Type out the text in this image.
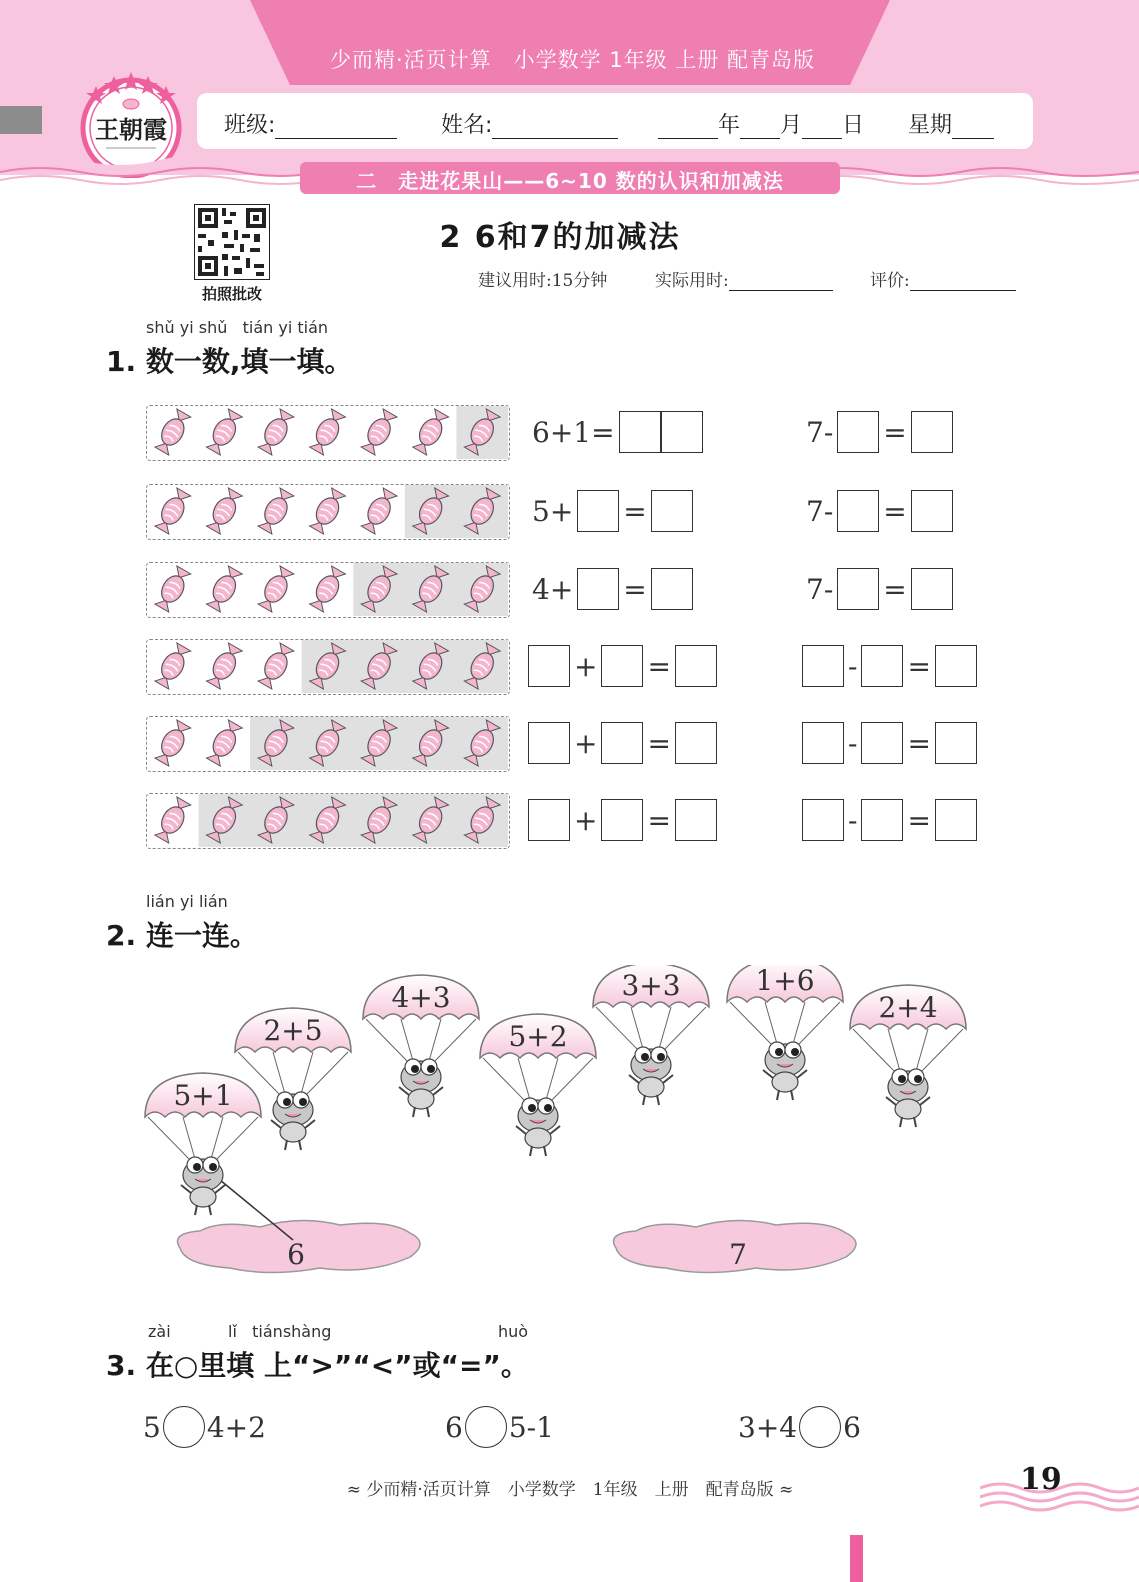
少而精·活页计算　小学数学 1年级 上册 配青岛版
王朝霞	班级:	姓名:	年 月 日 星期
二　走进花果山——6~10 数的认识和加减法
拍照批改
2 6和7的加减法
建议用时:15分钟	实际用时:	评价:
shǔ yi shǔ tián yi tián
1. 数一数,填一填。
6+1=	7- =
5+ =	7- =
4+ =	7- =
+ =	- =
+ =	- =
+ =	- =
lián yi lián
2. 连一连。
6	7
5+1
2+5
4+3
5+2
3+3	1+6
2+4
zài	lǐ tiánshàng	huò
3. 在○里填 上“>”“<”或“=”。
5 4+2	6 5-1	3+4 6
≈ 少而精·活页计算　小学数学　1年级　上册　配青岛版 ≈	19
